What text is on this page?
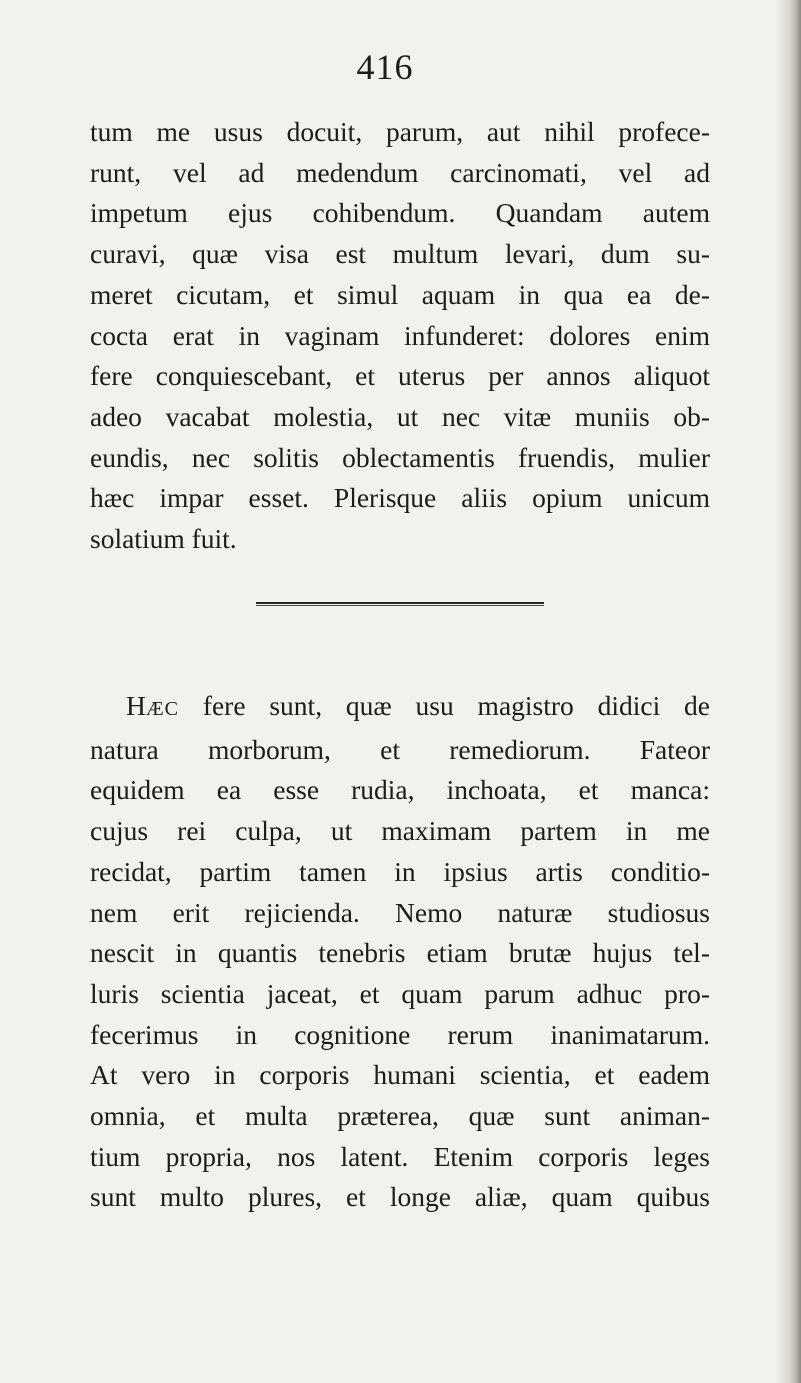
416
tum me usus docuit, parum, aut nihil profece-
runt, vel ad medendum carcinomati, vel ad
impetum ejus cohibendum. Quandam autem
curavi, quæ visa est multum levari, dum su-
meret cicutam, et simul aquam in qua ea de-
cocta erat in vaginam infunderet: dolores enim
fere conquiescebant, et uterus per annos aliquot
adeo vacabat molestia, ut nec vitæ muniis ob-
eundis, nec solitis oblectamentis fruendis, mulier
hæc impar esset. Plerisque aliis opium unicum
solatium fuit.
HÆC fere sunt, quæ usu magistro didici de
natura morborum, et remediorum. Fateor
equidem ea esse rudia, inchoata, et manca:
cujus rei culpa, ut maximam partem in me
recidat, partim tamen in ipsius artis conditio-
nem erit rejicienda. Nemo naturæ studiosus
nescit in quantis tenebris etiam brutæ hujus tel-
luris scientia jaceat, et quam parum adhuc pro-
fecerimus in cognitione rerum inanimatarum.
At vero in corporis humani scientia, et eadem
omnia, et multa præterea, quæ sunt animan-
tium propria, nos latent. Etenim corporis leges
sunt multo plures, et longe aliæ, quam quibus
